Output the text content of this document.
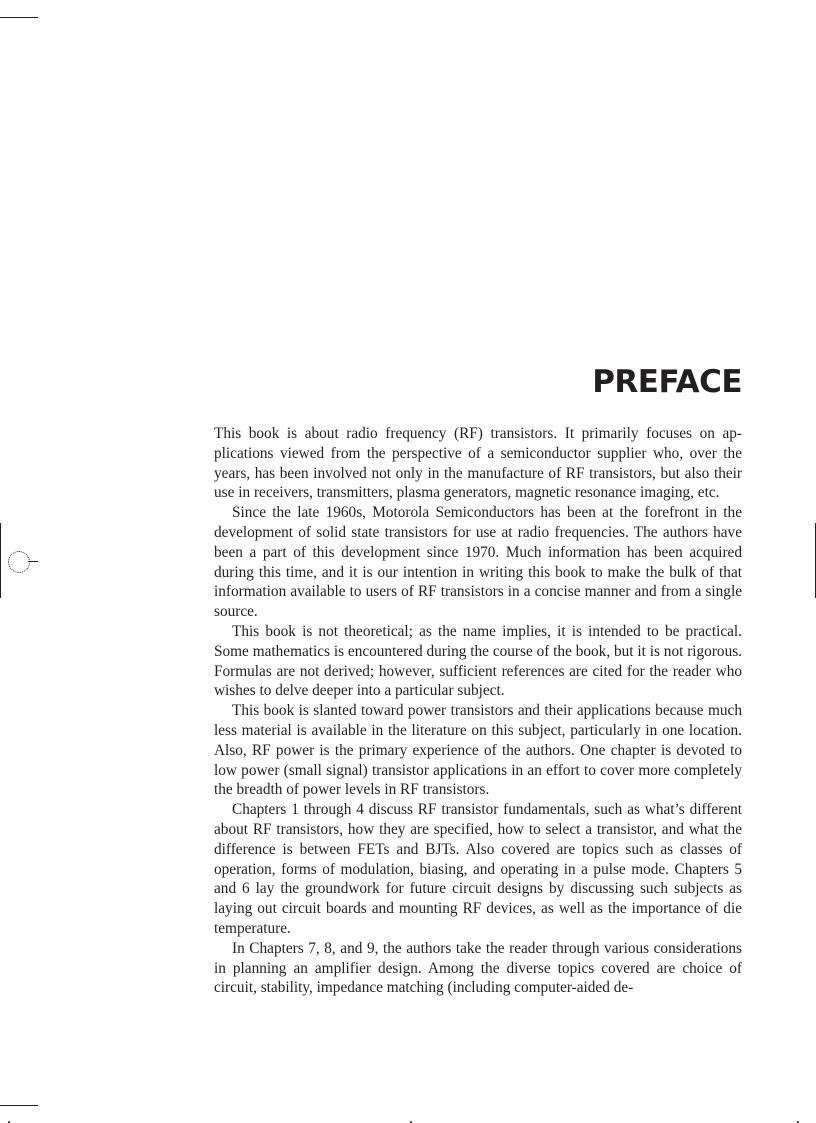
PREFACE

This book is about radio frequency (RF) transistors. It primarily focuses on applications viewed from the perspective of a semiconductor supplier who, over the years, has been involved not only in the manufacture of RF transistors, but also their use in receivers, transmitters, plasma generators, magnetic resonance imaging, etc.

Since the late 1960s, Motorola Semiconductors has been at the forefront in the development of solid state transistors for use at radio frequencies. The authors have been a part of this development since 1970. Much information has been acquired during this time, and it is our intention in writing this book to make the bulk of that information available to users of RF transistors in a concise manner and from a single source.

This book is not theoretical; as the name implies, it is intended to be practical. Some mathematics is encountered during the course of the book, but it is not rigorous. Formulas are not derived; however, sufficient references are cited for the reader who wishes to delve deeper into a particular subject.

This book is slanted toward power transistors and their applications because much less material is available in the literature on this subject, particularly in one location. Also, RF power is the primary experience of the authors. One chapter is devoted to low power (small signal) transistor applications in an effort to cover more completely the breadth of power levels in RF transistors.

Chapters 1 through 4 discuss RF transistor fundamentals, such as what’s different about RF transistors, how they are specified, how to select a transistor, and what the difference is between FETs and BJTs. Also covered are topics such as classes of operation, forms of modulation, biasing, and operating in a pulse mode. Chapters 5 and 6 lay the groundwork for future circuit designs by discussing such subjects as laying out circuit boards and mounting RF devices, as well as the importance of die temperature.

In Chapters 7, 8, and 9, the authors take the reader through various considerations in planning an amplifier design. Among the diverse topics covered are choice of circuit, stability, impedance matching (including computer-aided de-
